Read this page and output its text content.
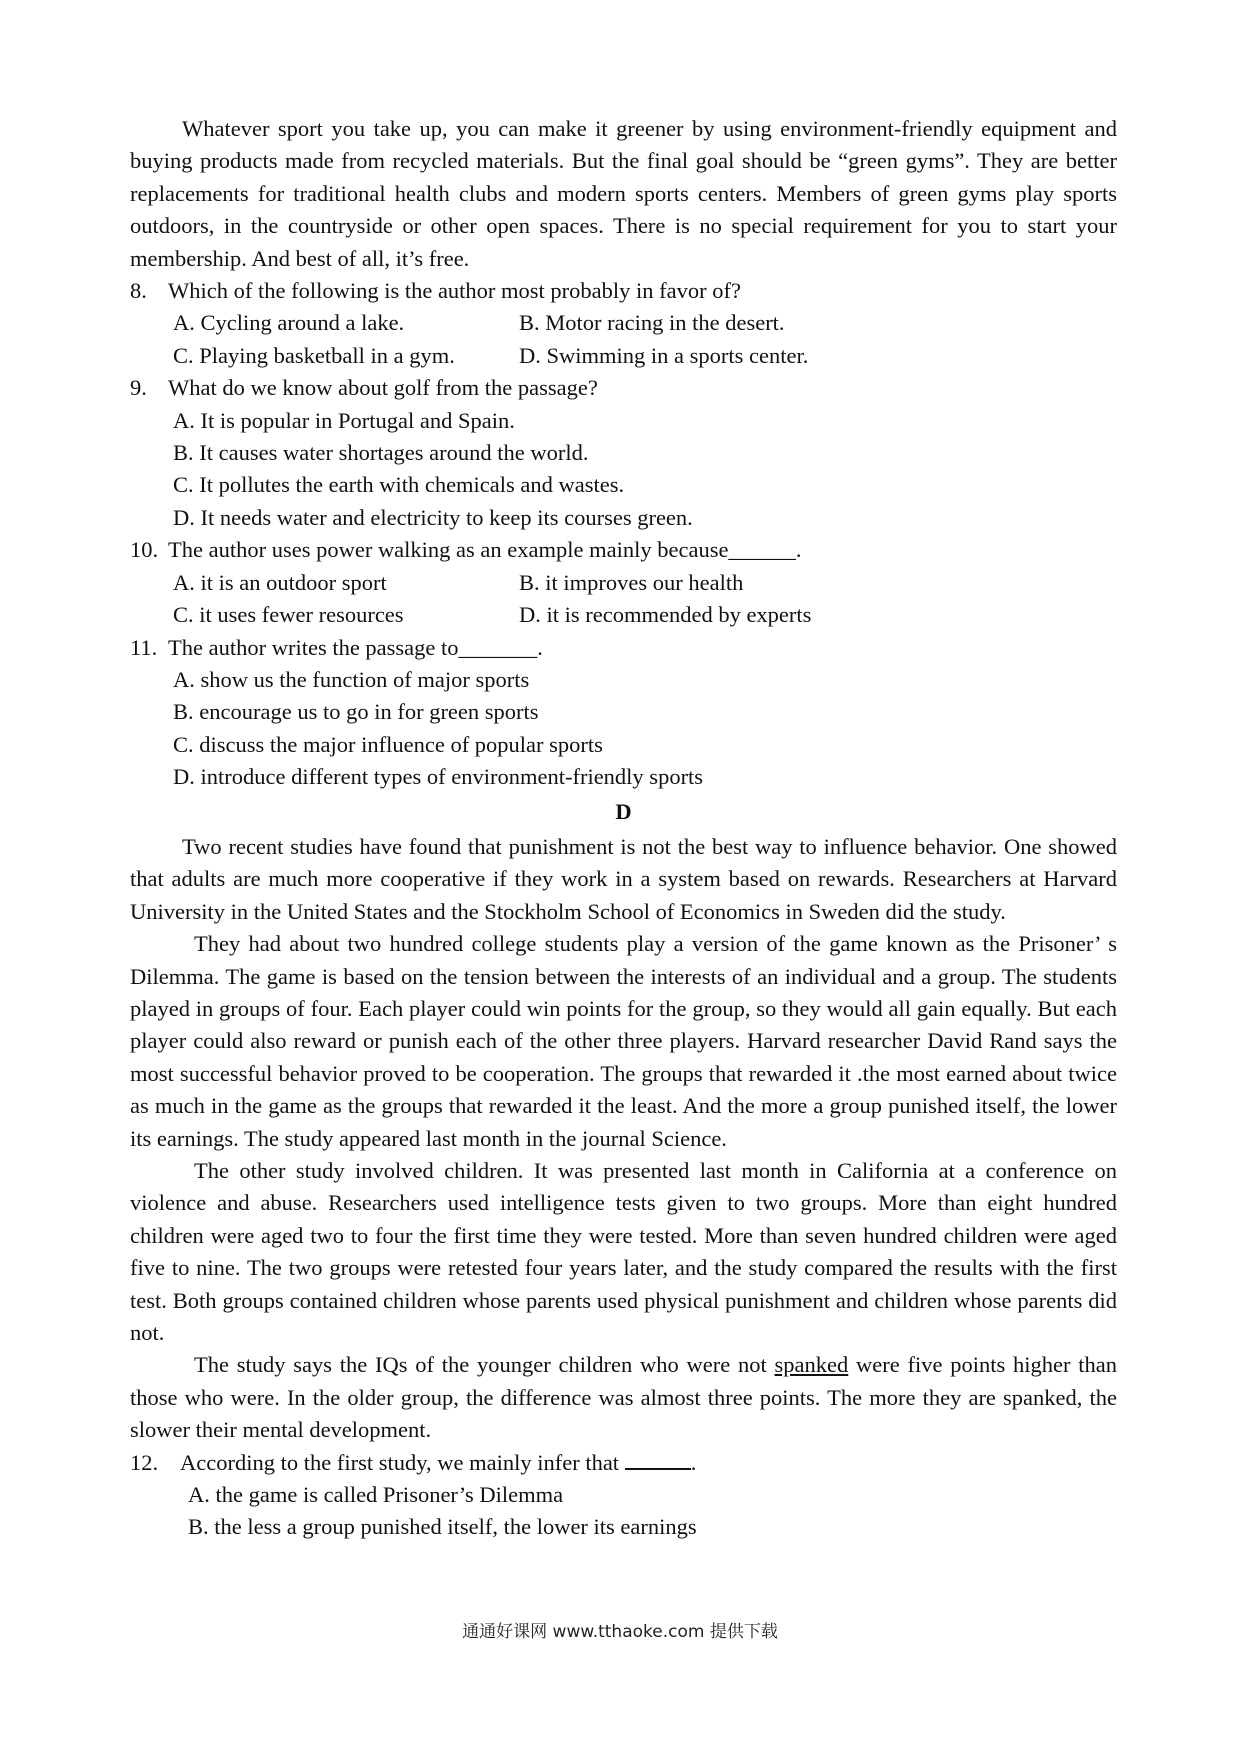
Whatever sport you take up, you can make it greener by using environment-friendly equipment and buying products made from recycled materials. But the final goal should be “green gyms”. They are better replacements for traditional health clubs and modern sports centers. Members of green gyms play sports outdoors, in the countryside or other open spaces. There is no special requirement for you to start your membership. And best of all, it’s free.

8. Which of the following is the author most probably in favor of?
A. Cycling around a lake.	B. Motor racing in the desert.
C. Playing basketball in a gym.	D. Swimming in a sports center.
9. What do we know about golf from the passage?
A. It is popular in Portugal and Spain.
B. It causes water shortages around the world.
C. It pollutes the earth with chemicals and wastes.
D. It needs water and electricity to keep its courses green.
10. The author uses power walking as an example mainly because______.
A. it is an outdoor sport	B. it improves our health
C. it uses fewer resources	D. it is recommended by experts
11. The author writes the passage to_______.
A. show us the function of major sports
B. encourage us to go in for green sports
C. discuss the major influence of popular sports
D. introduce different types of environment-friendly sports
D

Two recent studies have found that punishment is not the best way to influence behavior. One showed that adults are much more cooperative if they work in a system based on rewards. Researchers at Harvard University in the United States and the Stockholm School of Economics in Sweden did the study.

They had about two hundred college students play a version of the game known as the Prisoner’ s Dilemma. The game is based on the tension between the interests of an individual and a group. The students played in groups of four. Each player could win points for the group, so they would all gain equally. But each player could also reward or punish each of the other three players. Harvard researcher David Rand says the most successful behavior proved to be cooperation. The groups that rewarded it .the most earned about twice as much in the game as the groups that rewarded it the least. And the more a group punished itself, the lower its earnings. The study appeared last month in the journal Science.

The other study involved children. It was presented last month in California at a conference on violence and abuse. Researchers used intelligence tests given to two groups. More than eight hundred children were aged two to four the first time they were tested. More than seven hundred children were aged five to nine. The two groups were retested four years later, and the study compared the results with the first test. Both groups contained children whose parents used physical punishment and children whose parents did not.

The study says the IQs of the younger children who were not spanked were five points higher than those who were. In the older group, the difference was almost three points. The more they are spanked, the slower their mental development.

12. According to the first study, we mainly infer that	.
A. the game is called Prisoner’s Dilemma
B. the less a group punished itself, the lower its earnings
通通好课网 www.tthaoke.com 提供下载
